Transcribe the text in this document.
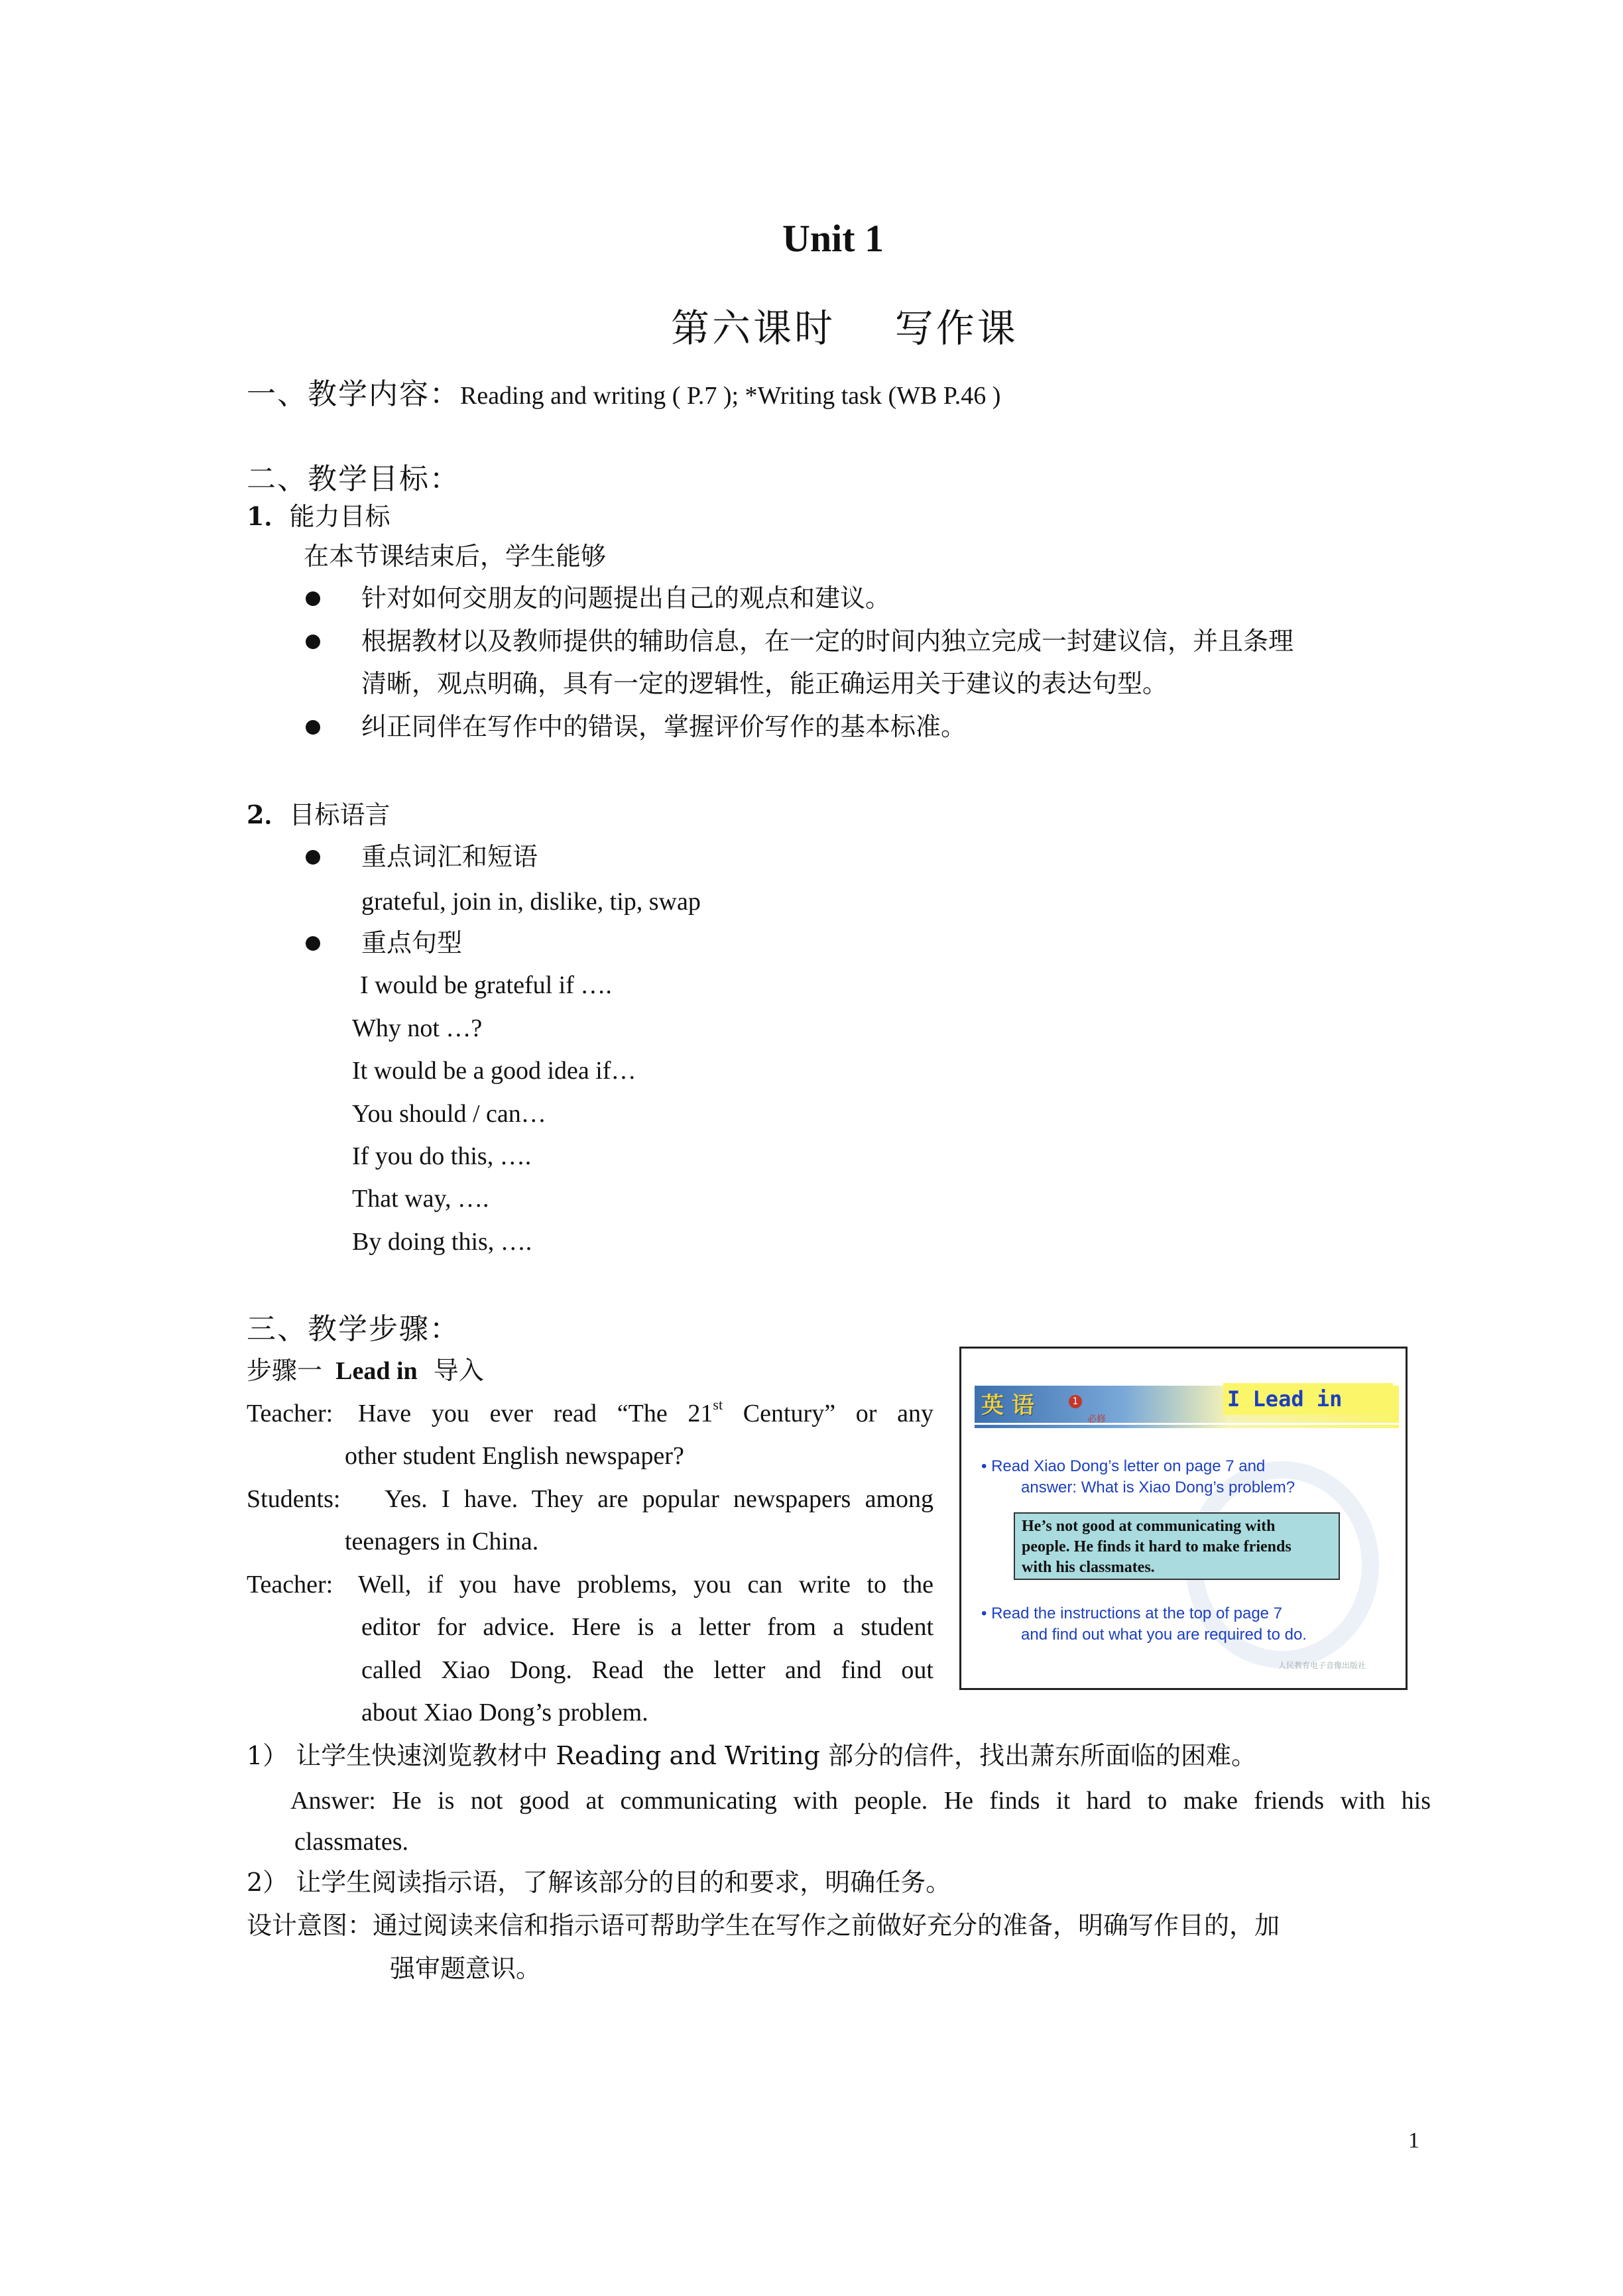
Unit 1
第六课时    写作课
一、教学内容：Reading and writing ( P.7 ); *Writing task (WB P.46 )
二、教学目标：
1．能力目标
在本节课结束后，学生能够
针对如何交朋友的问题提出自己的观点和建议。
根据教材以及教师提供的辅助信息，在一定的时间内独立完成一封建议信，并且条理
清晰，观点明确，具有一定的逻辑性，能正确运用关于建议的表达句型。
纠正同伴在写作中的错误，掌握评价写作的基本标准。
2．目标语言
重点词汇和短语
grateful, join in, dislike, tip, swap
重点句型
I would be grateful if ….
Why not …?
It would be a good idea if…
You should / can…
If you do this, ….
That way, ….
By doing this, ….
三、教学步骤：
步骤一 Lead in 导入
Teacher: Have you ever read “The 21st Century” or any
other student English newspaper?
Students: Yes. I have. They are popular newspapers among
teenagers in China.
Teacher: Well, if you have problems, you can write to the
editor for advice. Here is a letter from a student
called Xiao Dong. Read the letter and find out
about Xiao Dong’s problem.
1） 让学生快速浏览教材中 Reading and Writing 部分的信件，找出萧东所面临的困难。
Answer: He is not good at communicating with people. He finds it hard to make friends with his
classmates.
2） 让学生阅读指示语，了解该部分的目的和要求，明确任务。
设计意图：通过阅读来信和指示语可帮助学生在写作之前做好充分的准备，明确写作目的，加
强审题意识。
英 语	1
必修
I Lead in
• Read Xiao Dong’s letter on page 7 and
answer: What is Xiao Dong’s problem?
He’s not good at communicating with
people. He finds it hard to make friends
with his classmates.
• Read the instructions at the top of page 7
and find out what you are required to do.
人民教育电子音像出版社
1
